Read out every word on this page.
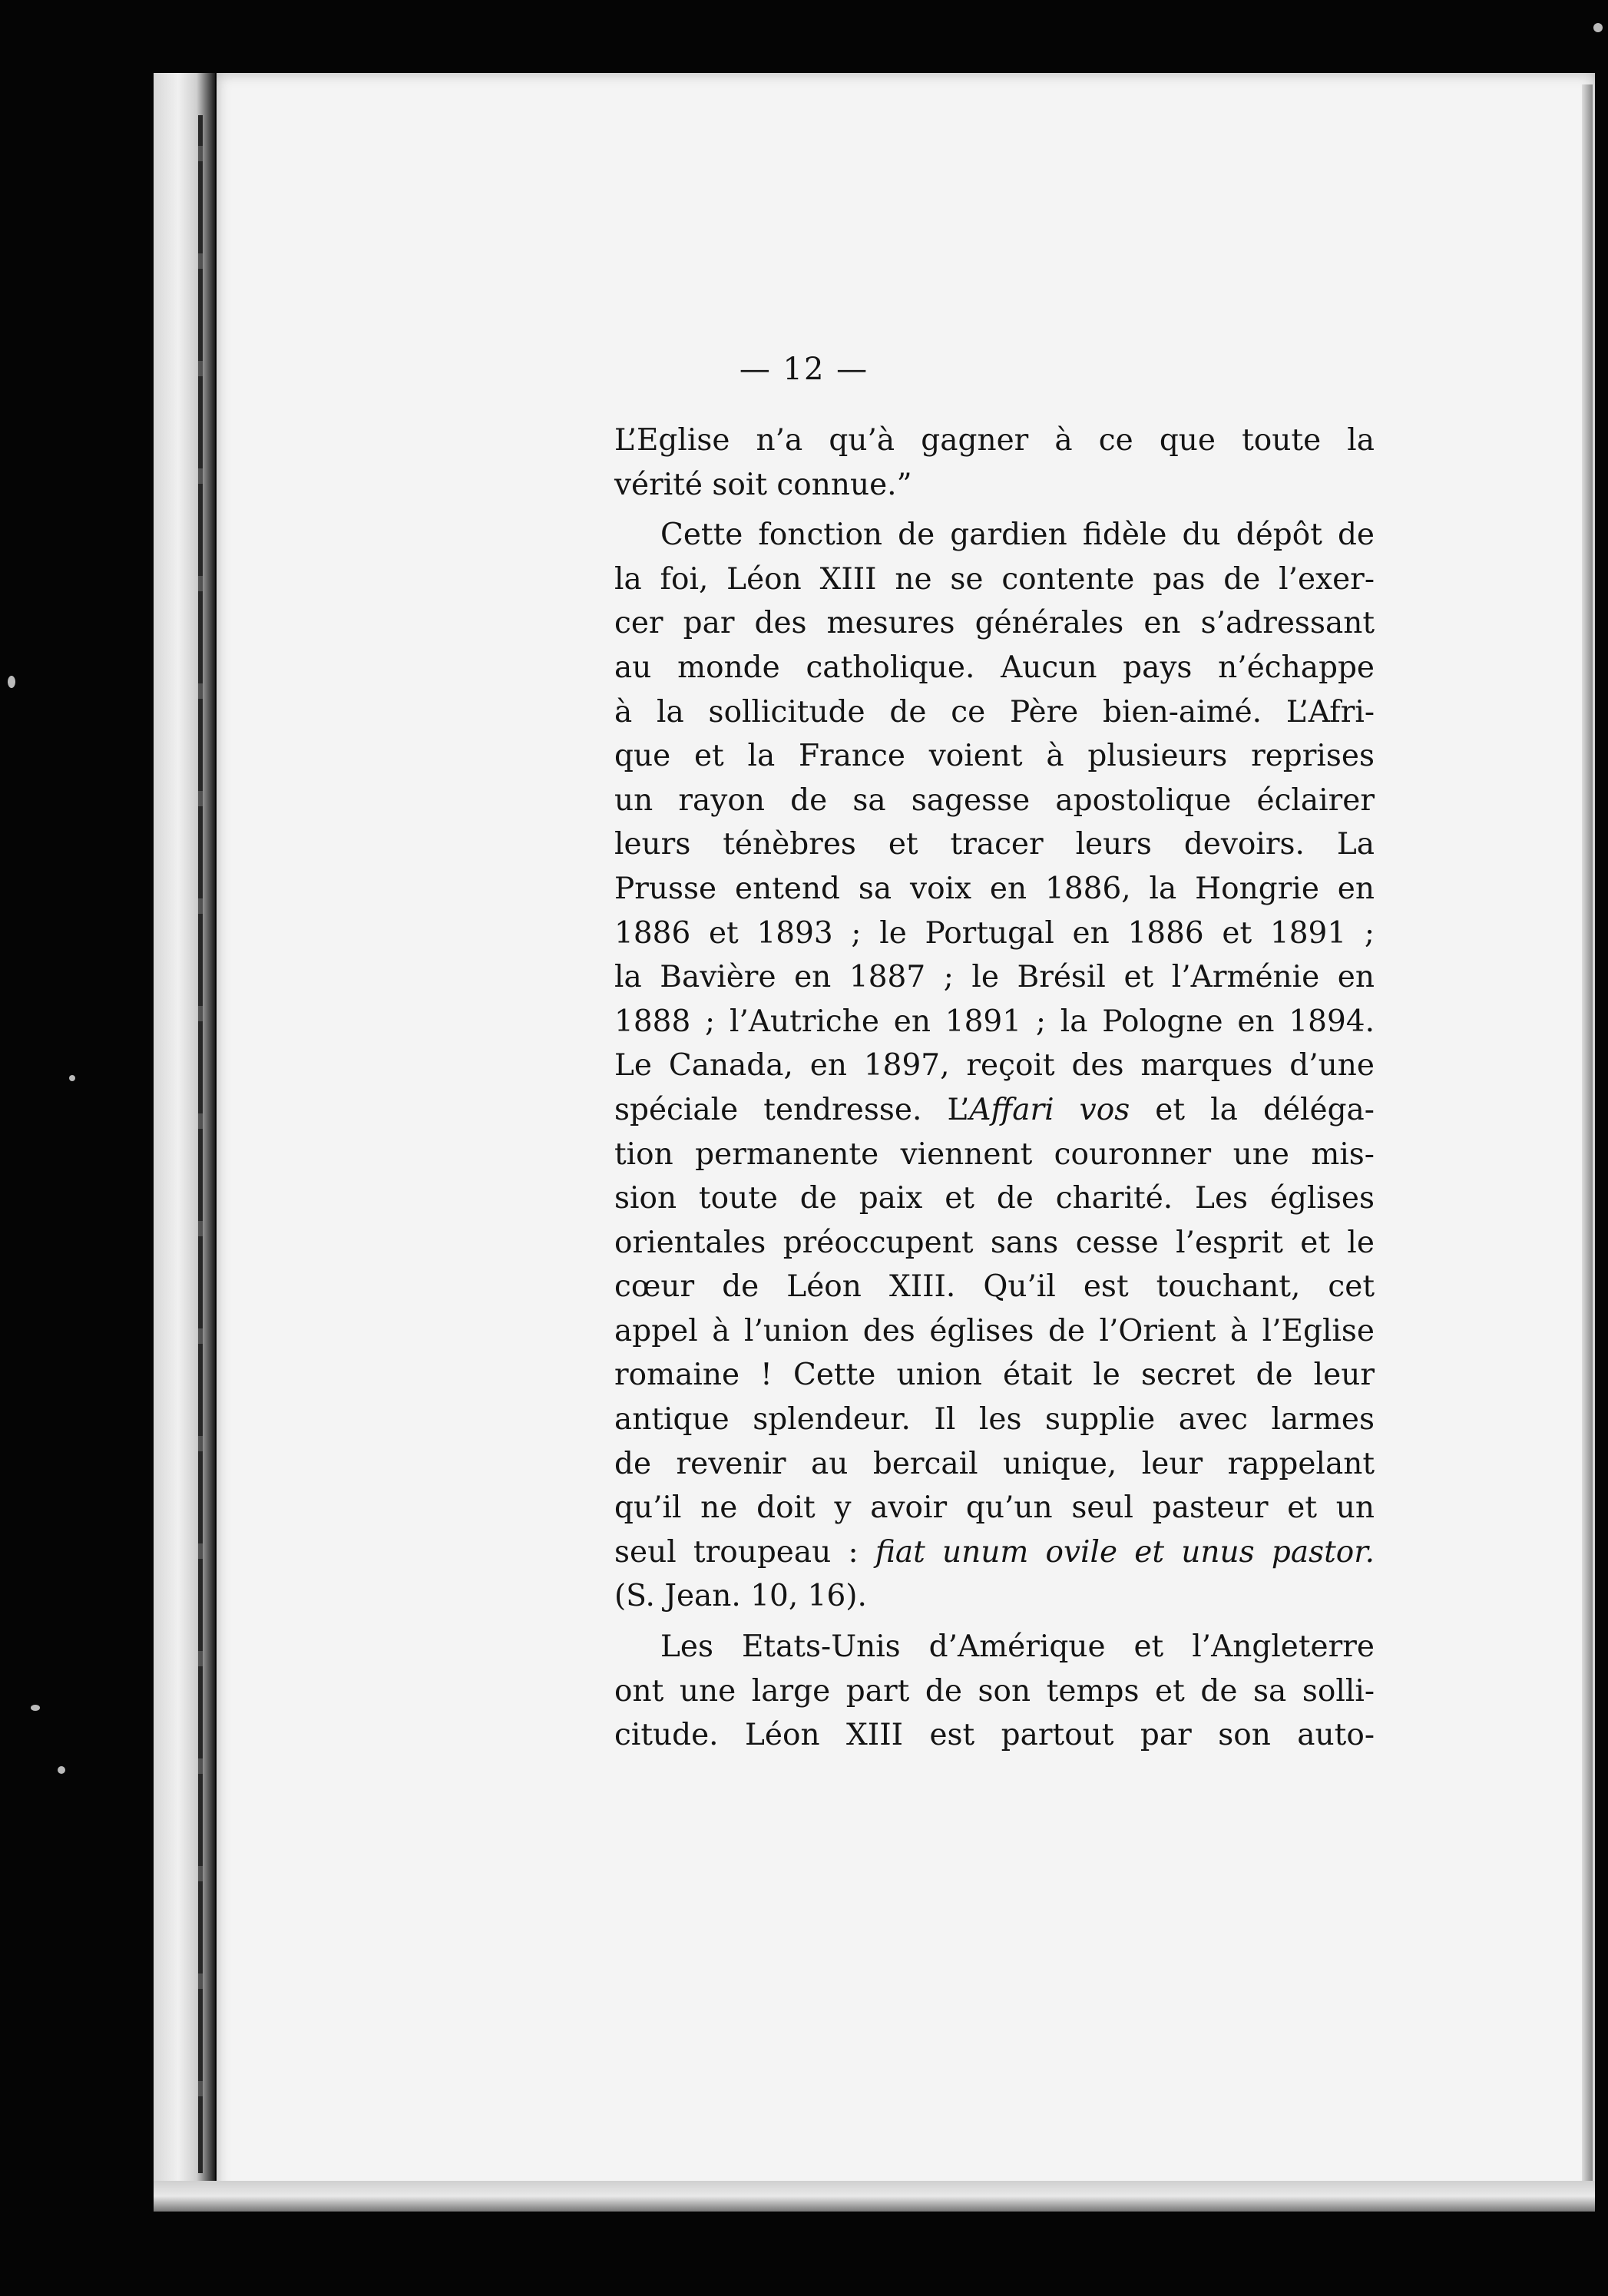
— 12 —
L’Eglise n’a qu’à gagner à ce que toute la
vérité soit connue.”
Cette fonction de gardien fidèle du dépôt de
la foi, Léon XIII ne se contente pas de l’exer-
cer par des mesures générales en s’adressant
au monde catholique. Aucun pays n’échappe
à la sollicitude de ce Père bien-aimé. L’Afri-
que et la France voient à plusieurs reprises
un rayon de sa sagesse apostolique éclairer
leurs ténèbres et tracer leurs devoirs. La
Prusse entend sa voix en 1886, la Hongrie en
1886 et 1893 ; le Portugal en 1886 et 1891 ;
la Bavière en 1887 ; le Brésil et l’Arménie en
1888 ; l’Autriche en 1891 ; la Pologne en 1894.
Le Canada, en 1897, reçoit des marques d’une
spéciale tendresse. L’Affari vos et la déléga-
tion permanente viennent couronner une mis-
sion toute de paix et de charité. Les églises
orientales préoccupent sans cesse l’esprit et le
cœur de Léon XIII. Qu’il est touchant, cet
appel à l’union des églises de l’Orient à l’Eglise
romaine ! Cette union était le secret de leur
antique splendeur. Il les supplie avec larmes
de revenir au bercail unique, leur rappelant
qu’il ne doit y avoir qu’un seul pasteur et un
seul troupeau : fiat unum ovile et unus pastor.
(S. Jean. 10, 16).
Les Etats-Unis d’Amérique et l’Angleterre
ont une large part de son temps et de sa solli-
citude. Léon XIII est partout par son auto-
